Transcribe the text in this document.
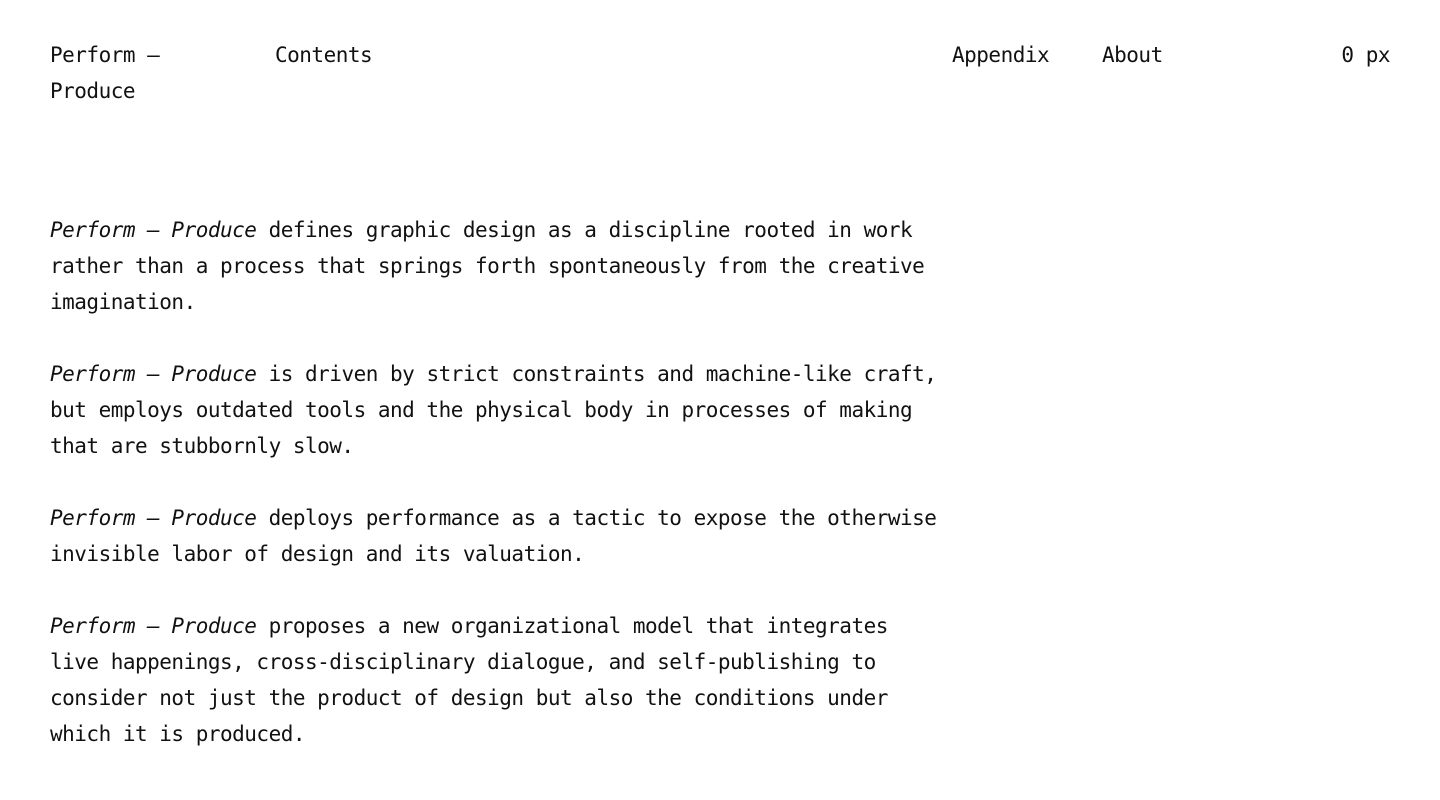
Perform – Produce
Contents	Appendix	About	0 px

Perform – Produce defines graphic design as a discipline rooted in work rather than a process that springs forth spontaneously from the creative imagination.

Perform – Produce is driven by strict constraints and machine-like craft, but employs outdated tools and the physical body in processes of making that are stubbornly slow.

Perform – Produce deploys performance as a tactic to expose the otherwise invisible labor of design and its valuation.

Perform – Produce proposes a new organizational model that integrates live happenings, cross-disciplinary dialogue, and self-publishing to consider not just the product of design but also the conditions under which it is produced.
